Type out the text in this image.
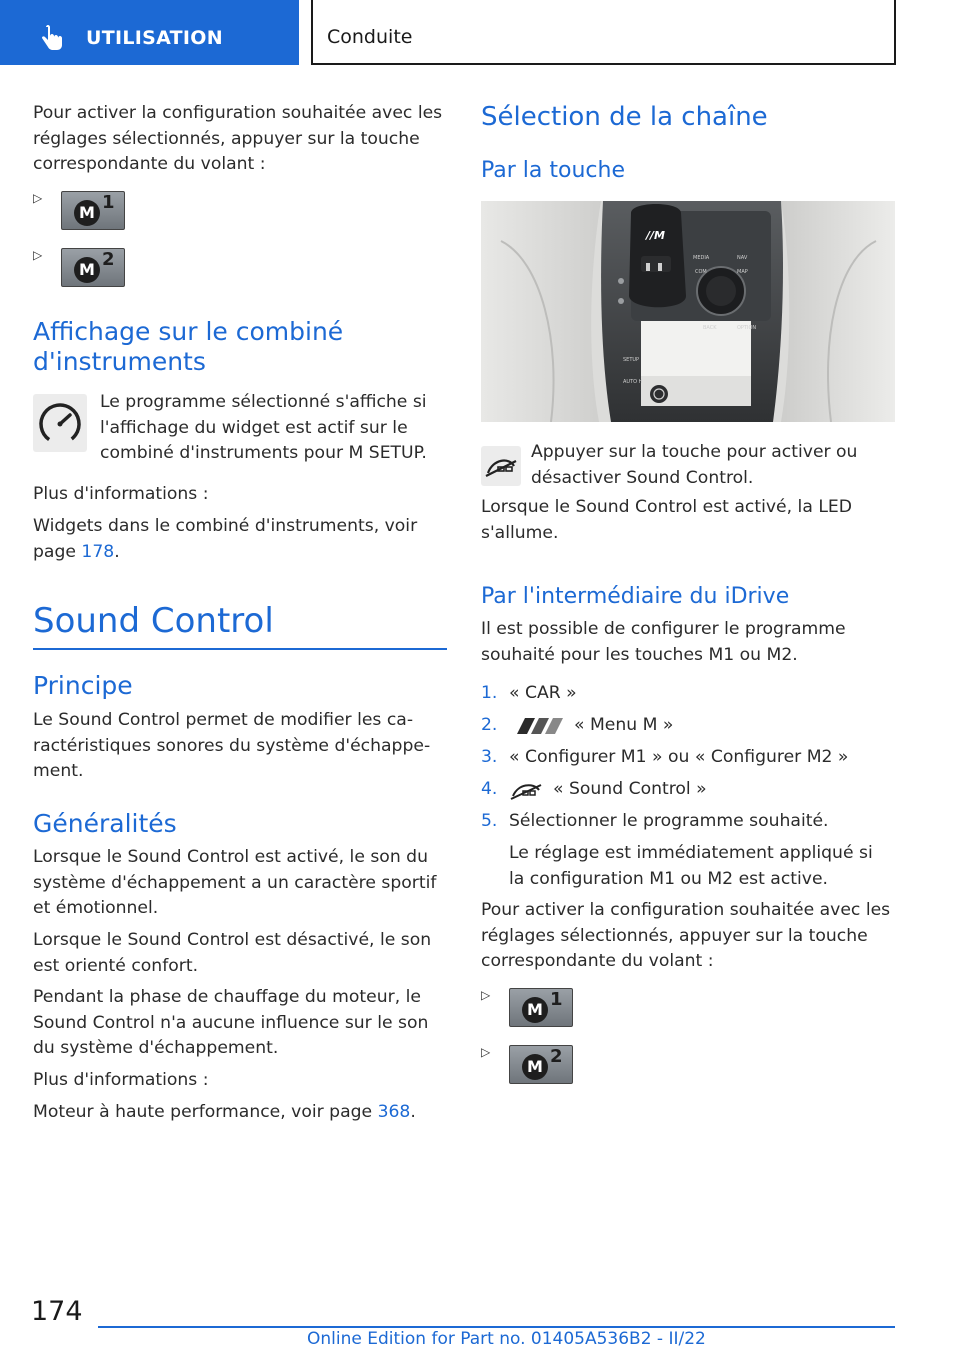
UTILISATION	Conduite
Pour activer la configuration souhaitée avec les
réglages sélectionnés, appuyer sur la touche
correspondante du volant :
▷
M 1
▷
M 2
Affichage sur le combiné
d'instruments
Le programme sélectionné s'affiche si
l'affichage du widget est actif sur le
combiné d'instruments pour M SETUP.
Plus d'informations :
Widgets dans le combiné d'instruments, voir
page 178.
Sound Control
Principe
Le Sound Control permet de modifier les ca-
ractéristiques sonores du système d'échappe-
ment.
Généralités
Lorsque le Sound Control est activé, le son du
système d'échappement a un caractère sportif
et émotionnel.
Lorsque le Sound Control est désactivé, le son
est orienté confort.
Pendant la phase de chauffage du moteur, le
Sound Control n'a aucune influence sur le son
du système d'échappement.
Plus d'informations :
Moteur à haute performance, voir page 368.
Sélection de la chaîne
Par la touche
//M
MEDIA
COM	MAP
NAV
BACK	OPTION
SETUP
AUTO H
Appuyer sur la touche pour activer ou
désactiver Sound Control.
Lorsque le Sound Control est activé, la LED
s'allume.
Par l'intermédiaire du iDrive
Il est possible de configurer le programme
souhaité pour les touches M1 ou M2.
1. « CAR »
2.	« Menu M »
3. « Configurer M1 » ou « Configurer M2 »
4.	« Sound Control »
5. Sélectionner le programme souhaité.
Le réglage est immédiatement appliqué si
la configuration M1 ou M2 est active.
Pour activer la configuration souhaitée avec les
réglages sélectionnés, appuyer sur la touche
correspondante du volant :
▷
M 1
▷
M 2
174
Online Edition for Part no. 01405A536B2 - II/22
